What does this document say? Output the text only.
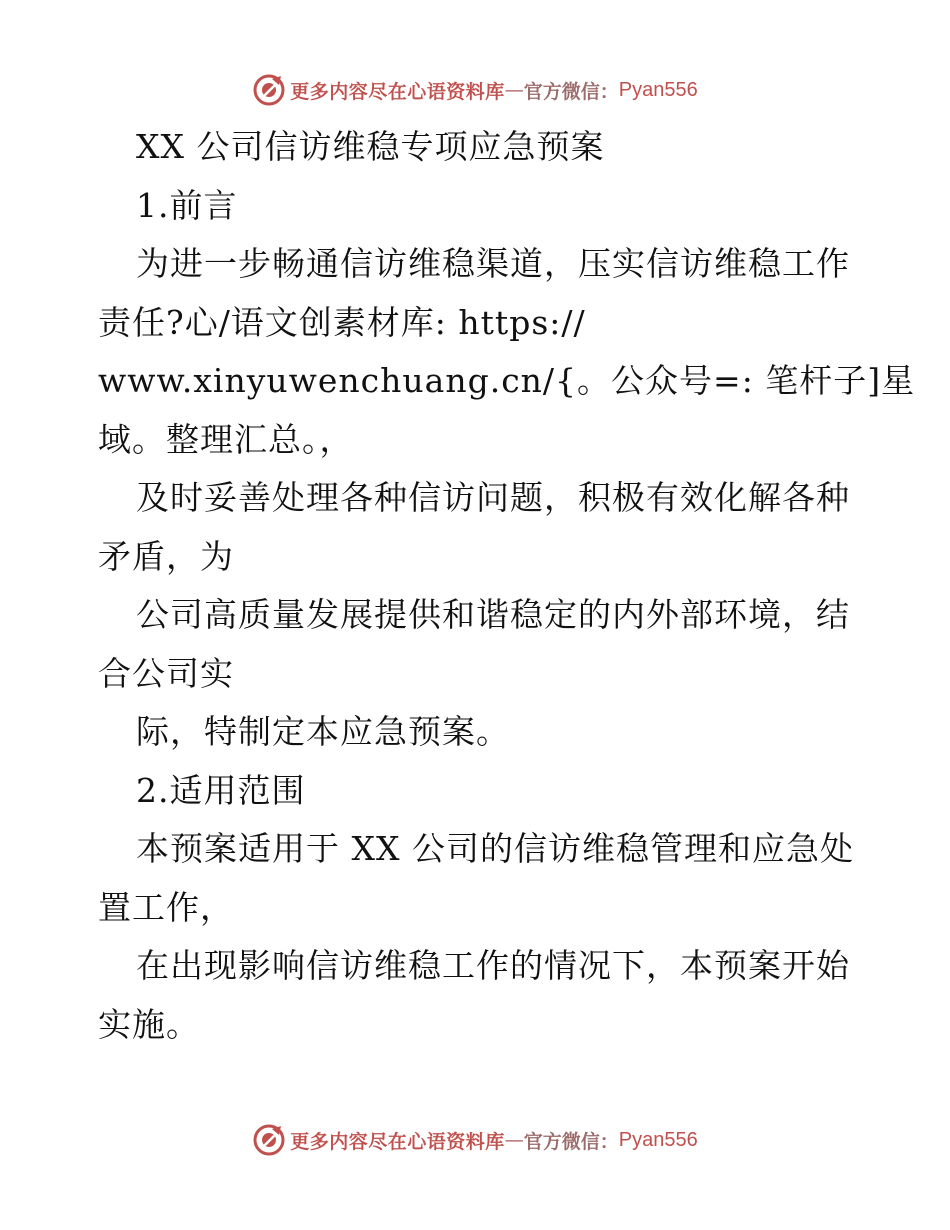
更多内容尽在心语资料库 — 官方微信： Pyan556
XX 公司信访维稳专项应急预案
1.前言
为进一步畅通信访维稳渠道，压实信访维稳工作
责任?心/语文创素材库: https://
www.xinyuwenchuang.cn/{。公众号=: 笔杆子]星
域。整理汇总。，
及时妥善处理各种信访问题，积极有效化解各种
矛盾，为
公司高质量发展提供和谐稳定的内外部环境，结
合公司实
际，特制定本应急预案。
2.适用范围
本预案适用于 XX 公司的信访维稳管理和应急处
置工作，
在出现影响信访维稳工作的情况下，本预案开始
实施。
更多内容尽在心语资料库 — 官方微信： Pyan556
